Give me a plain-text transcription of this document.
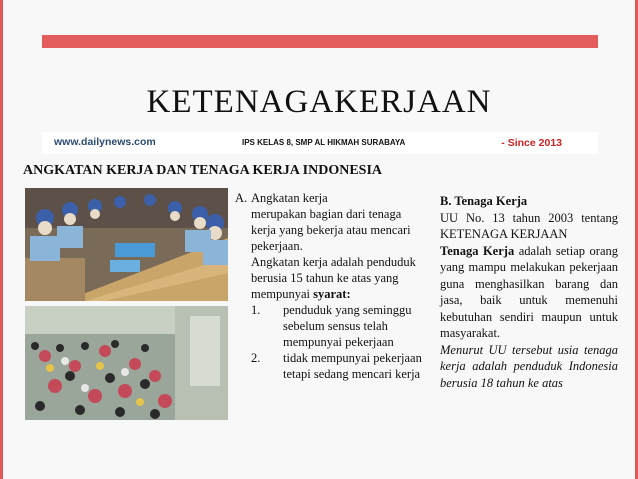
KETENAGAKERJAAN
www.dailynews.com	IPS KELAS 8, SMP AL HIKMAH SURABAYA	- Since 2013
ANGKATAN KERJA DAN TENAGA KERJA INDONESIA
A. Angkatan kerja
merupakan bagian dari tenaga kerja yang bekerja atau mencari pekerjaan.
Angkatan kerja adalah penduduk berusia 15 tahun ke atas yang mempunyai syarat:
1. penduduk yang seminggu sebelum sensus telah mempunyai pekerjaan
2. tidak mempunyai pekerjaan tetapi sedang mencari kerja

B. Tenaga Kerja

UU No. 13 tahun 2003 tentang KETENAGA KERJAAN

Tenaga Kerja adalah setiap orang yang mampu melakukan pekerjaan guna menghasilkan barang dan jasa, baik untuk memenuhi kebutuhan sendiri maupun untuk masyarakat.

Menurut UU tersebut usia tenaga kerja adalah penduduk Indonesia berusia 18 tahun ke atas
